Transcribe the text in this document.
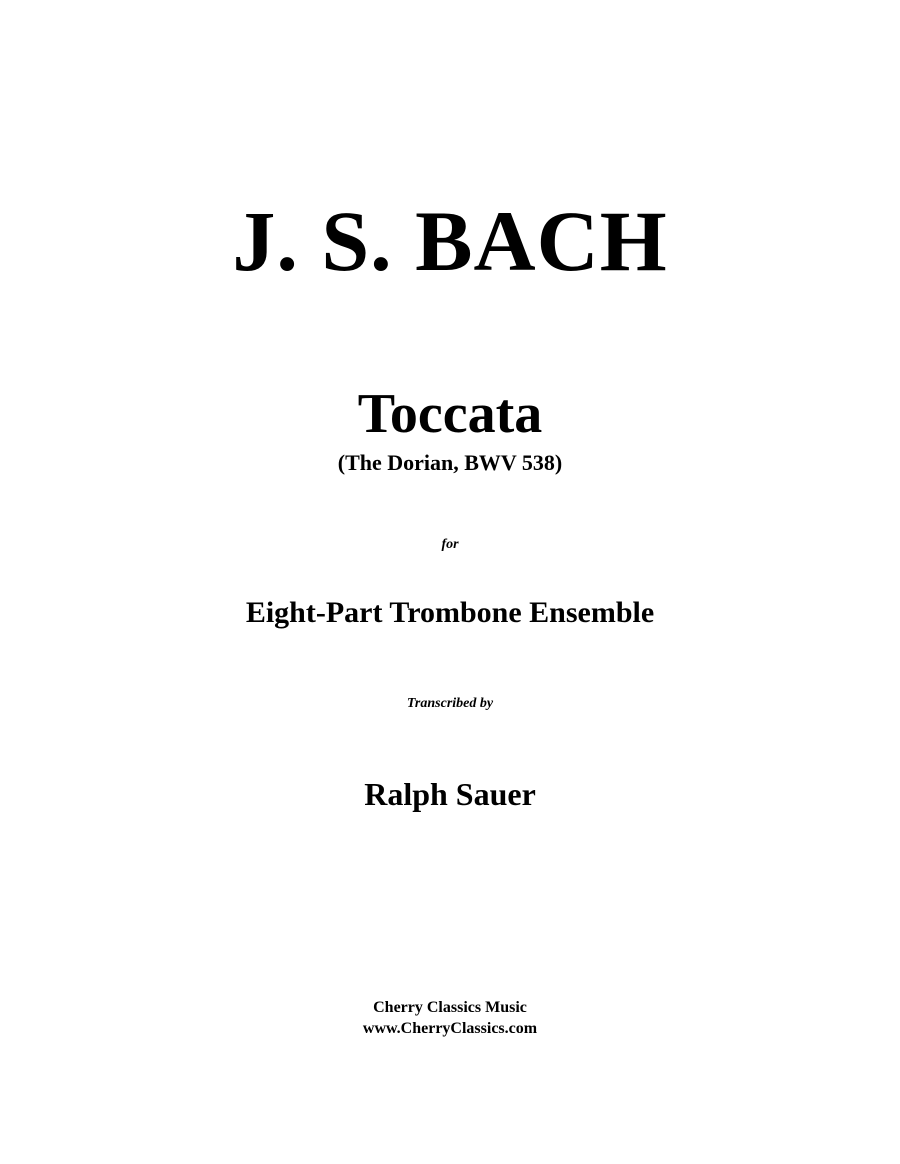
J. S. BACH
Toccata
(The Dorian, BWV 538)
for
Eight-Part Trombone Ensemble
Transcribed by
Ralph Sauer
Cherry Classics Music
www.CherryClassics.com
